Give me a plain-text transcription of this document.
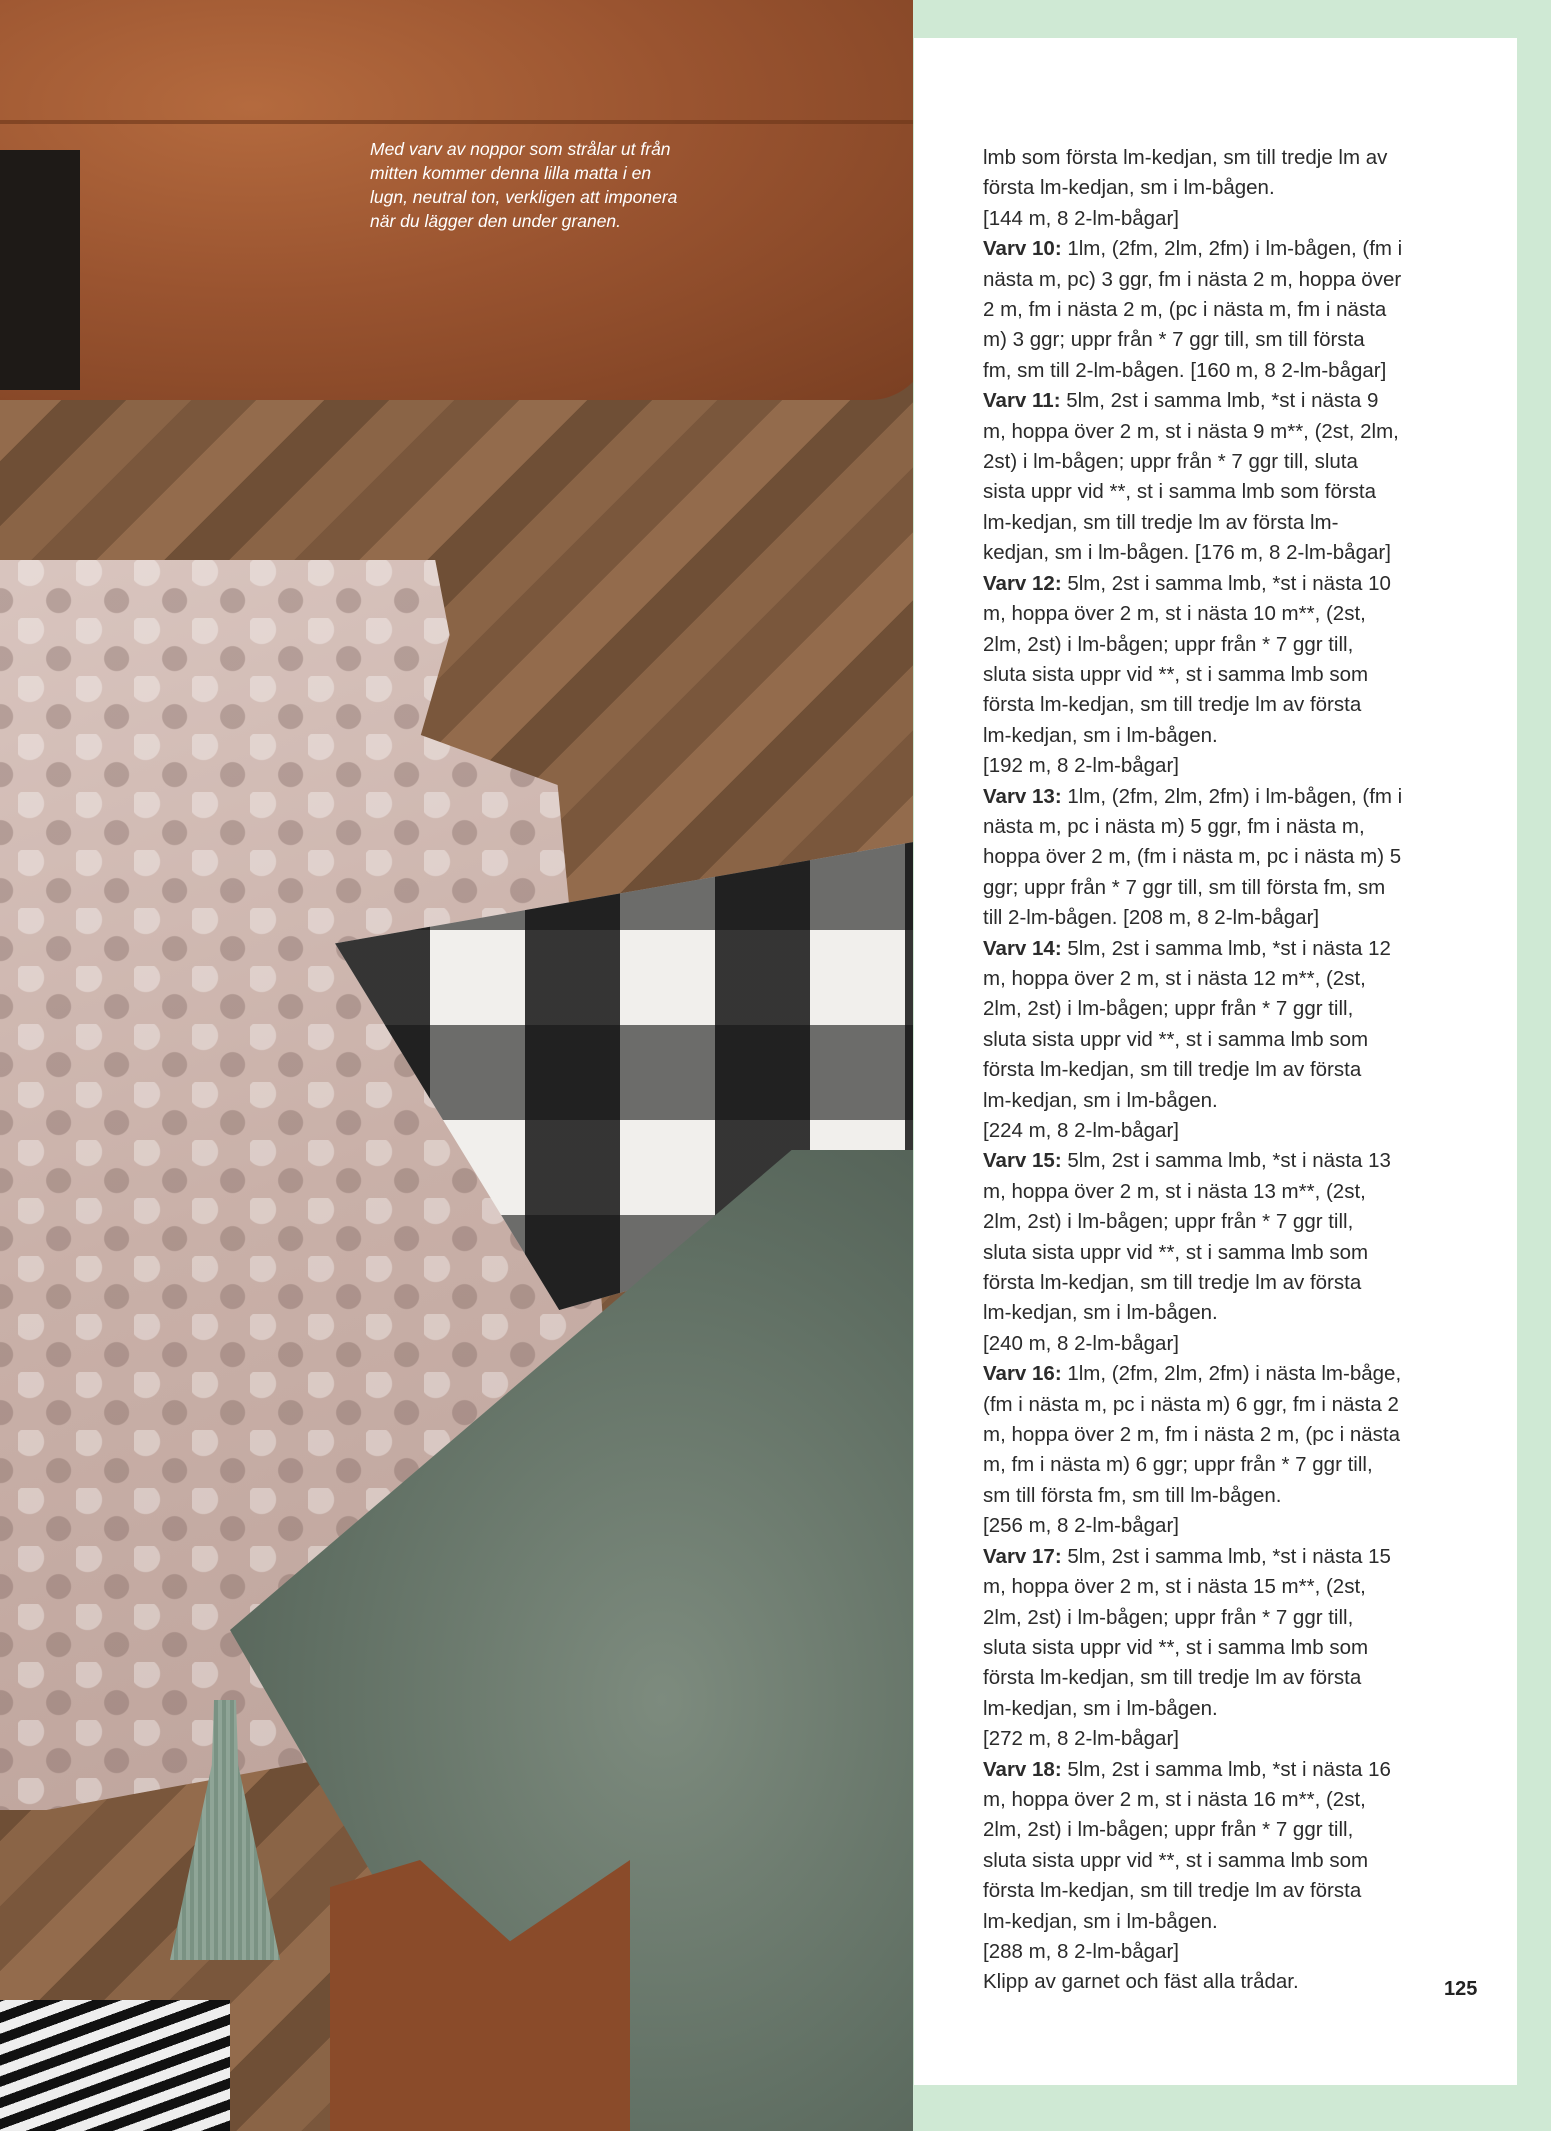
Med varv av noppor som strålar ut från
mitten kommer denna lilla matta i en
lugn, neutral ton, verkligen att imponera
när du lägger den under granen.
lmb som första lm-kedjan, sm till tredje lm av
första lm-kedjan, sm i lm-bågen.
[144 m, 8 2-lm-bågar]
Varv 10: 1lm, (2fm, 2lm, 2fm) i lm-bågen, (fm i
nästa m, pc) 3 ggr, fm i nästa 2 m, hoppa över
2 m, fm i nästa 2 m, (pc i nästa m, fm i nästa
m) 3 ggr; uppr från * 7 ggr till, sm till första
fm, sm till 2-lm-bågen. [160 m, 8 2-lm-bågar]
Varv 11: 5lm, 2st i samma lmb, *st i nästa 9
m, hoppa över 2 m, st i nästa 9 m**, (2st, 2lm,
2st) i lm-bågen; uppr från * 7 ggr till, sluta
sista uppr vid **, st i samma lmb som första
lm-kedjan, sm till tredje lm av första lm-
kedjan, sm i lm-bågen. [176 m, 8 2-lm-bågar]
Varv 12: 5lm, 2st i samma lmb, *st i nästa 10
m, hoppa över 2 m, st i nästa 10 m**, (2st,
2lm, 2st) i lm-bågen; uppr från * 7 ggr till,
sluta sista uppr vid **, st i samma lmb som
första lm-kedjan, sm till tredje lm av första
lm-kedjan, sm i lm-bågen.
[192 m, 8 2-lm-bågar]
Varv 13: 1lm, (2fm, 2lm, 2fm) i lm-bågen, (fm i
nästa m, pc i nästa m) 5 ggr, fm i nästa m,
hoppa över 2 m, (fm i nästa m, pc i nästa m) 5
ggr; uppr från * 7 ggr till, sm till första fm, sm
till 2-lm-bågen. [208 m, 8 2-lm-bågar]
Varv 14: 5lm, 2st i samma lmb, *st i nästa 12
m, hoppa över 2 m, st i nästa 12 m**, (2st,
2lm, 2st) i lm-bågen; uppr från * 7 ggr till,
sluta sista uppr vid **, st i samma lmb som
första lm-kedjan, sm till tredje lm av första
lm-kedjan, sm i lm-bågen.
[224 m, 8 2-lm-bågar]
Varv 15: 5lm, 2st i samma lmb, *st i nästa 13
m, hoppa över 2 m, st i nästa 13 m**, (2st,
2lm, 2st) i lm-bågen; uppr från * 7 ggr till,
sluta sista uppr vid **, st i samma lmb som
första lm-kedjan, sm till tredje lm av första
lm-kedjan, sm i lm-bågen.
[240 m, 8 2-lm-bågar]
Varv 16: 1lm, (2fm, 2lm, 2fm) i nästa lm-båge,
(fm i nästa m, pc i nästa m) 6 ggr, fm i nästa 2
m, hoppa över 2 m, fm i nästa 2 m, (pc i nästa
m, fm i nästa m) 6 ggr; uppr från * 7 ggr till,
sm till första fm, sm till lm-bågen.
[256 m, 8 2-lm-bågar]
Varv 17: 5lm, 2st i samma lmb, *st i nästa 15
m, hoppa över 2 m, st i nästa 15 m**, (2st,
2lm, 2st) i lm-bågen; uppr från * 7 ggr till,
sluta sista uppr vid **, st i samma lmb som
första lm-kedjan, sm till tredje lm av första
lm-kedjan, sm i lm-bågen.
[272 m, 8 2-lm-bågar]
Varv 18: 5lm, 2st i samma lmb, *st i nästa 16
m, hoppa över 2 m, st i nästa 16 m**, (2st,
2lm, 2st) i lm-bågen; uppr från * 7 ggr till,
sluta sista uppr vid **, st i samma lmb som
första lm-kedjan, sm till tredje lm av första
lm-kedjan, sm i lm-bågen.
[288 m, 8 2-lm-bågar]
Klipp av garnet och fäst alla trådar.	125
